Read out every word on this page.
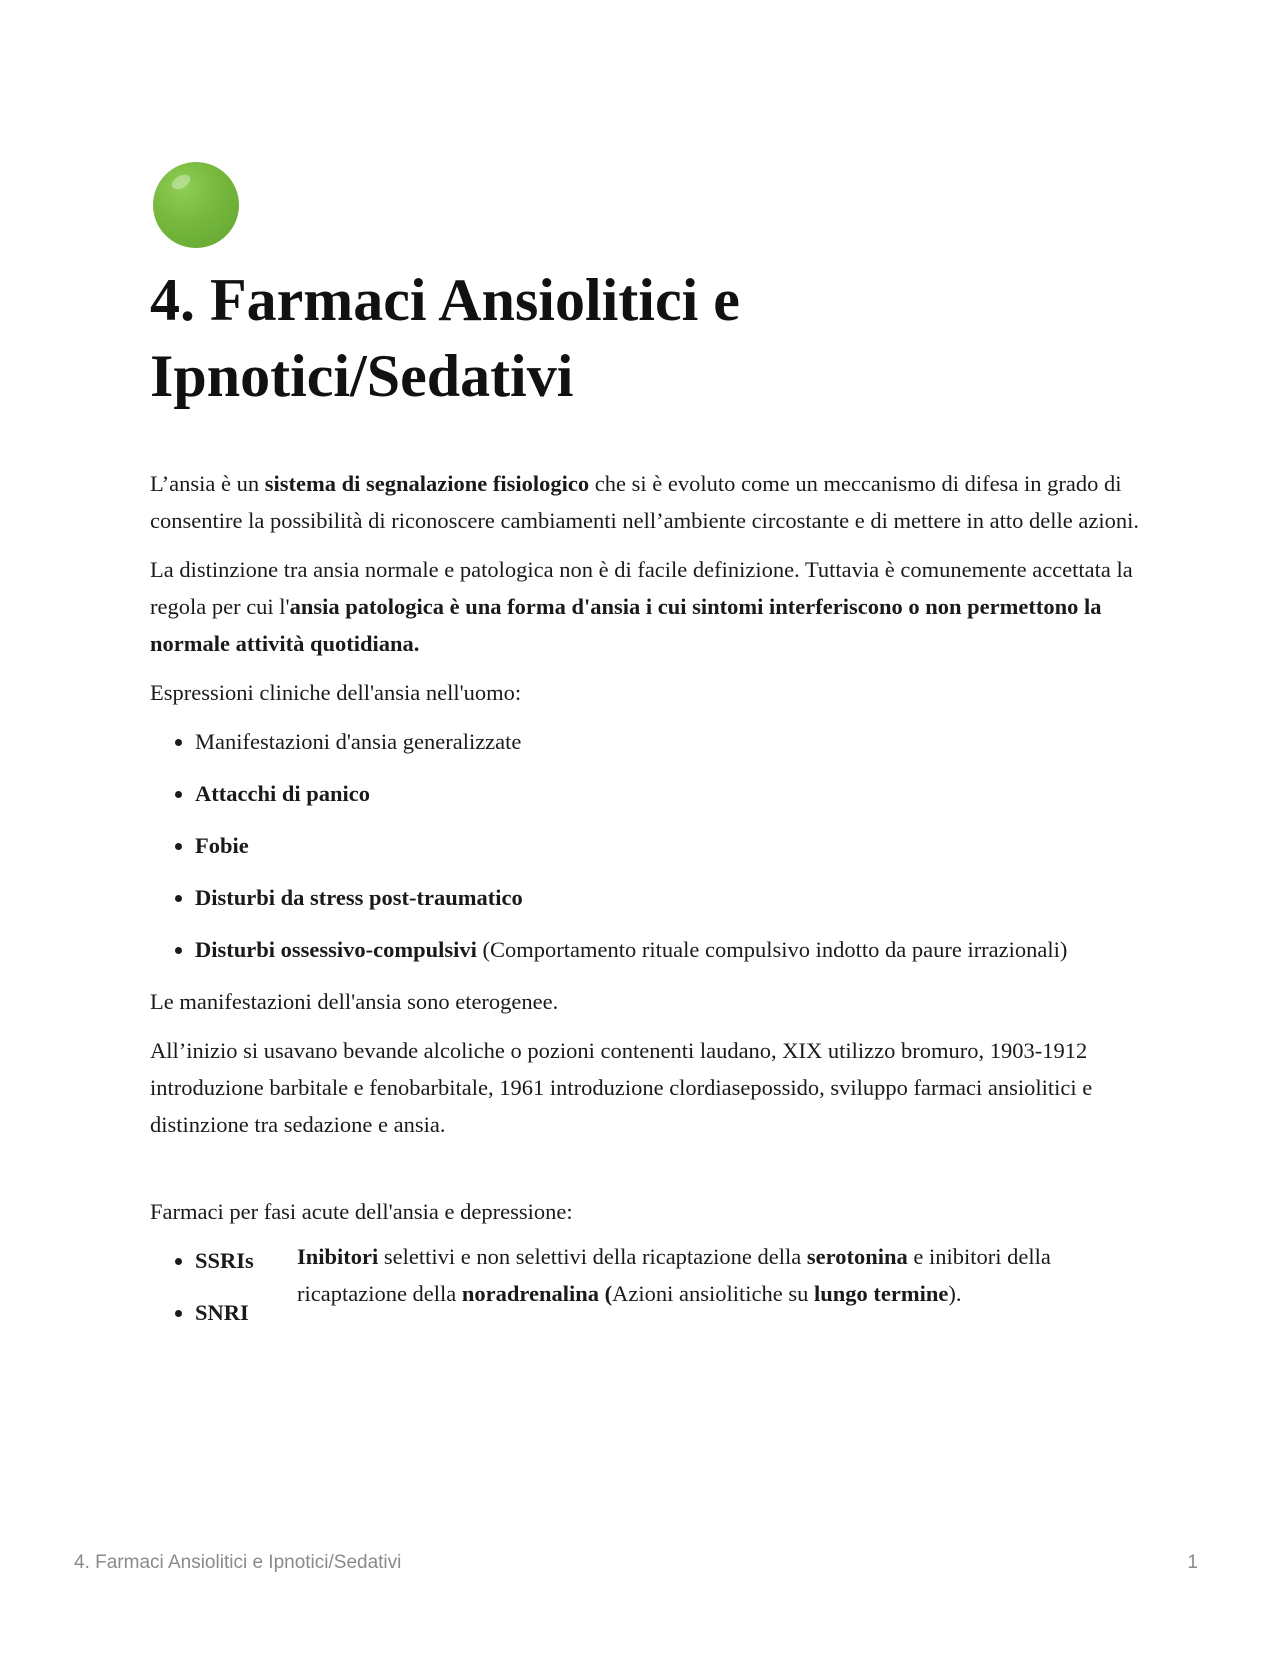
4. Farmaci Ansiolitici e Ipnotici/Sedativi

L’ansia è un sistema di segnalazione fisiologico che si è evoluto come un meccanismo di difesa in grado di consentire la possibilità di riconoscere cambiamenti nell’ambiente circostante e di mettere in atto delle azioni.

La distinzione tra ansia normale e patologica non è di facile definizione. Tuttavia è comunemente accettata la regola per cui l'ansia patologica è una forma d'ansia i cui sintomi interferiscono o non permettono la normale attività quotidiana.

Espressioni cliniche dell'ansia nell'uomo:

• Manifestazioni d'ansia generalizzate
• Attacchi di panico
• Fobie
• Disturbi da stress post-traumatico
• Disturbi ossessivo-compulsivi (Comportamento rituale compulsivo indotto da paure irrazionali)

Le manifestazioni dell'ansia sono eterogenee.

All’inizio si usavano bevande alcoliche o pozioni contenenti laudano, XIX utilizzo bromuro, 1903-1912 introduzione barbitale e fenobarbitale, 1961 introduzione clordiasepossido, sviluppo farmaci ansiolitici e distinzione tra sedazione e ansia.

Farmaci per fasi acute dell'ansia e depressione:

• SSRIs
• SNRI
Inibitori selettivi e non selettivi della ricaptazione della serotonina e inibitori della ricaptazione della noradrenalina (Azioni ansiolitiche su lungo termine).
4. Farmaci Ansiolitici e Ipnotici/Sedativi	1
